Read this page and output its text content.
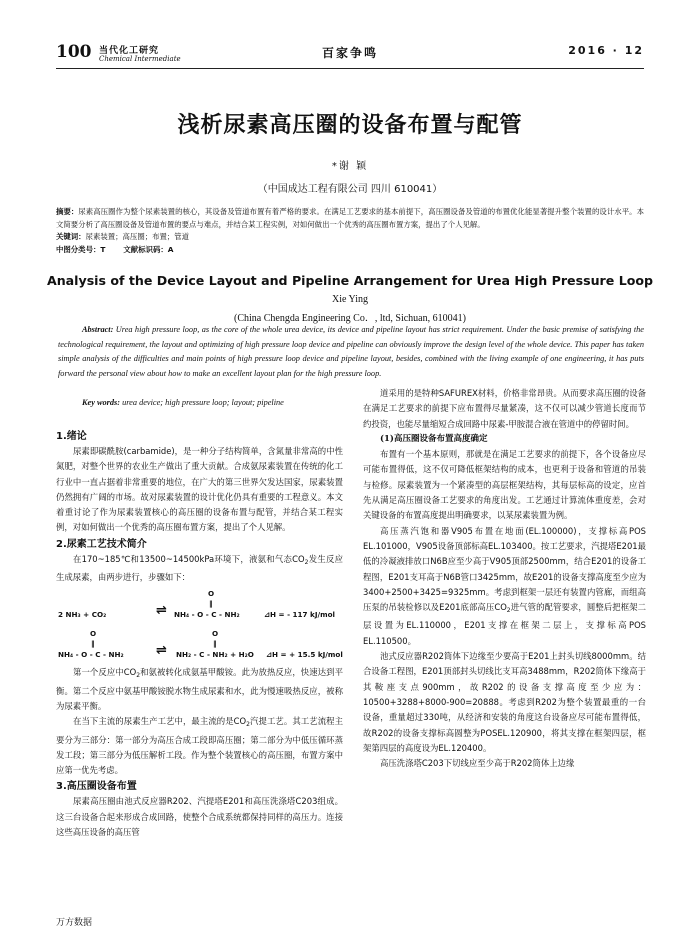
100 当代化工研究
Chemical Intermediate	百家争鸣	2016 · 12
浅析尿素高压圈的设备布置与配管
*谢 颖
（中国成达工程有限公司 四川 610041）
摘要：尿素高压圈作为整个尿素装置的核心，其设备及管道布置有着严格的要求。在满足工艺要求的基本前提下，高压圈设备及管道的布置优化能显著提升整个装置的设计水平。本文简要分析了高压圈设备及管道布置的要点与难点，并结合某工程实例，对如何做出一个优秀的高压圈布置方案，提出了个人见解。
关键词：尿素装置；高压圈；布置；管道
中图分类号：T 文献标识码：A
Analysis of the Device Layout and Pipeline Arrangement for Urea High Pressure Loop
Xie Ying
(China Chengda Engineering Co．, ltd, Sichuan, 610041)
Abstract: Urea high pressure loop, as the core of the whole urea device, its device and pipeline layout has strict requirement. Under the basic premise of satisfying the technological requirement, the layout and optimizing of high pressure loop device and pipeline can obviously improve the design level of the whole device. This paper has taken simple analysis of the difficulties and main points of high pressure loop device and pipeline layout, besides, combined with the living example of one engineering, it has puts forward the personal view about how to make an excellent layout plan for the high pressure loop.
Key words: urea device; high pressure loop; layout; pipeline
1.绪论

尿素即碳酰胺(carbamide)，是一种分子结构简单，含氮量非常高的中性氮肥，对整个世界的农业生产做出了重大贡献。合成氨尿素装置在传统的化工行业中一直占据着非常重要的地位，在广大的第三世界欠发达国家，尿素装置仍然拥有广阔的市场。故对尿素装置的设计优化仍具有重要的工程意义。本文着重讨论了作为尿素装置核心的高压圈的设备布置与配管，并结合某工程实例，对如何做出一个优秀的高压圈布置方案，提出了个人见解。

2.尿素工艺技术简介

在170~185℃和13500~14500kPa环境下，液氨和气态$CO_2$发生反应生成尿素，由两步进行，步骤如下：

2 NH₃ + CO₂	⇌
O
‖
NH₄ - O - C - NH₂	⊿H = - 117 kJ/mol
O
‖
NH₄ - O - C - NH₂ ⇌
O
‖
NH₂ - C - NH₂ + H₂O ⊿H = + 15.5 kJ/mol

第一个反应中$CO_2$和氨被转化成氨基甲酸铵。此为放热反应，快速达到平衡。第二个反应中氨基甲酸铵脱水物生成尿素和水，此为慢速吸热反应，被称为尿素平衡。

在当下主流的尿素生产工艺中，最主流的是$CO_2$汽提工艺。其工艺流程主要分为三部分：第一部分为高压合成工段即高压圈；第二部分为中低压循环蒸发工段；第三部分为低压解析工段。作为整个装置核心的高压圈，布置方案中应第一优先考虑。

3.高压圈设备布置

尿素高压圈由池式反应器R202、汽提塔E201和高压洗涤塔C203组成。这三台设备合起来形成合成回路，使整个合成系统都保持同样的高压力。连接这些高压设备的高压管

道采用的是特种SAFUREX材料，价格非常昂贵。从而要求高压圈的设备在满足工艺要求的前提下应布置得尽量紧凑，这不仅可以减少管道长度而节约投资，也能尽量缩短合成回路中尿素-甲胺混合液在管道中的停留时间。

(1)高压圈设备布置高度确定

布置有一个基本原则，那就是在满足工艺要求的前提下，各个设备应尽可能布置得低，这不仅可降低框架结构的成本，也更利于设备和管道的吊装与检修。尿素装置为一个紧凑型的高层框架结构，其每层标高的设定，应首先从满足高压圈设备工艺要求的角度出发。工艺通过计算流体重度差，会对关键设备的布置高度提出明确要求，以某尿素装置为例。

高压蒸汽饱和器V905布置在地面(EL.100000)，支撑标高POS EL.101000，V905设备顶部标高EL.103400。按工艺要求，汽提塔E201最低的冷凝液排放口N6B应至少高于V905顶部2500mm，结合E201的设备工程图，E201支耳高于N6B管口3425mm，故E201的设备支撑高度至少应为3400+2500+3425=9325mm。考虑到框架一层还有装置内管廊，而组高压泵的吊装检修以及E201底部高压$CO_2$进气管的配管要求，圆整后把框架二层设置为EL.110000，E201支撑在框架二层上，支撑标高POS EL.110500。

池式反应器R202筒体下边缘至少要高于E201上封头切线8000mm。结合设备工程图，E201顶部封头切线比支耳高3488mm，R202筒体下缘高于其鞍座支点900mm，故R202的设备支撑高度至少应为：10500+3288+8000-900=20888。考虑到R202为整个装置最重的一台设备，重量超过330吨，从经济和安装的角度这台设备应尽可能布置得低，故R202的设备支撑标高圆整为POSEL.120900，将其支撑在框架四层，框架第四层的高度设为EL.120400。

高压洗涤塔C203下切线应至少高于R202筒体上边缘

万方数据
